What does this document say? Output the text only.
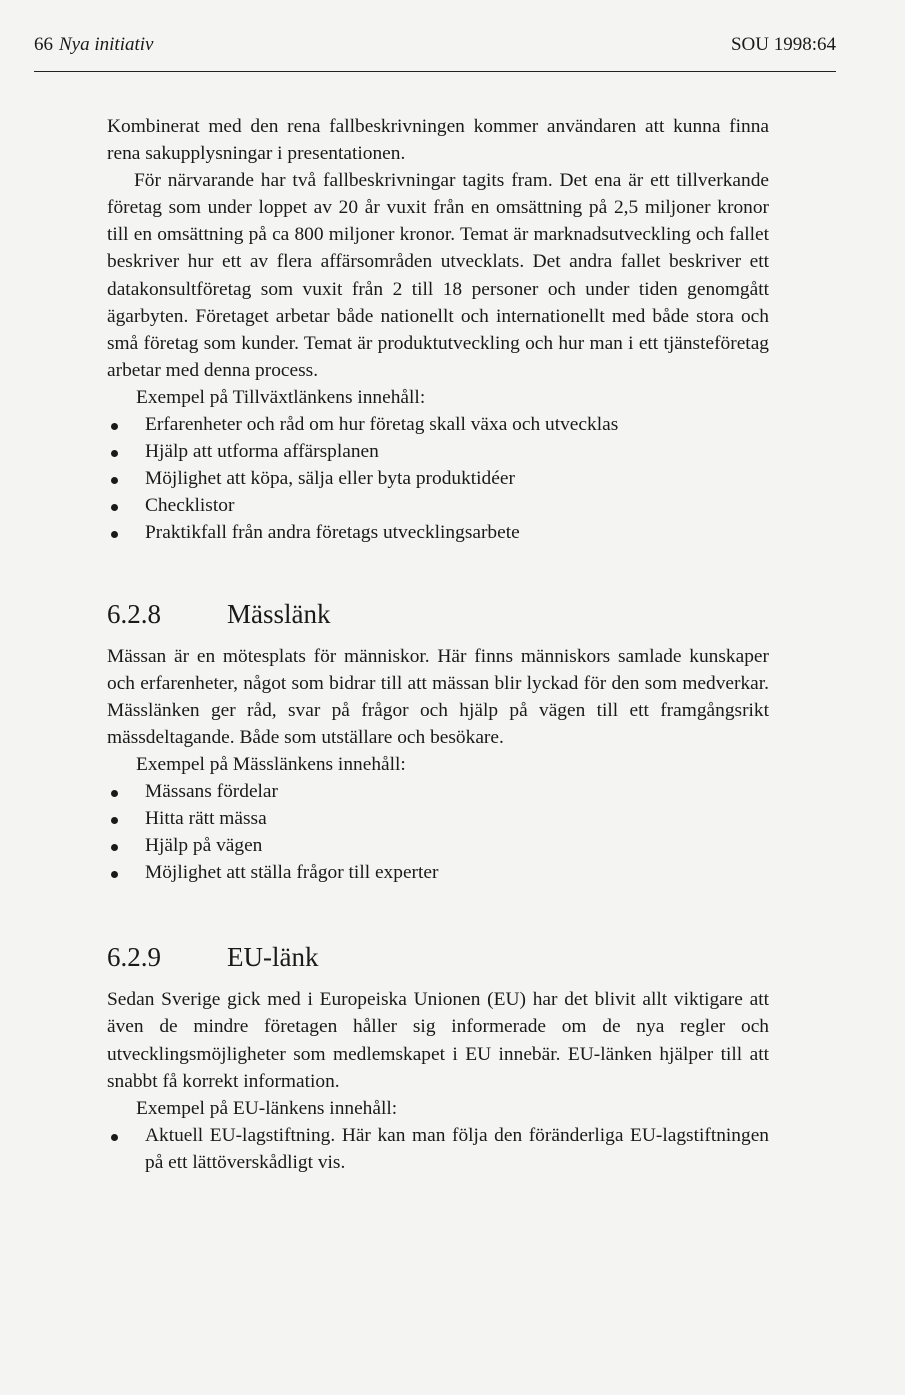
66 Nya initiativ	SOU 1998:64

Kombinerat med den rena fallbeskrivningen kommer användaren att kunna finna rena sakupplysningar i presentationen.

För närvarande har två fallbeskrivningar tagits fram. Det ena är ett tillverkande företag som under loppet av 20 år vuxit från en omsättning på 2,5 miljoner kronor till en omsättning på ca 800 miljoner kronor. Temat är marknadsutveckling och fallet beskriver hur ett av flera affärsområden utvecklats. Det andra fallet beskriver ett datakonsultföretag som vuxit från 2 till 18 personer och under tiden genomgått ägarbyten. Företaget arbetar både nationellt och internationellt med både stora och små företag som kunder. Temat är produktutveckling och hur man i ett tjänsteföretag arbetar med denna process.

Exempel på Tillväxtlänkens innehåll:

Erfarenheter och råd om hur företag skall växa och utvecklas
Hjälp att utforma affärsplanen
Möjlighet att köpa, sälja eller byta produktidéer
Checklistor
Praktikfall från andra företags utvecklingsarbete
6.2.8 Mässlänk

Mässan är en mötesplats för människor. Här finns människors samlade kunskaper och erfarenheter, något som bidrar till att mässan blir lyckad för den som medverkar. Mässlänken ger råd, svar på frågor och hjälp på vägen till ett framgångsrikt mässdeltagande. Både som utställare och besökare.

Exempel på Mässlänkens innehåll:

Mässans fördelar
Hitta rätt mässa
Hjälp på vägen
Möjlighet att ställa frågor till experter
6.2.9 EU-länk

Sedan Sverige gick med i Europeiska Unionen (EU) har det blivit allt viktigare att även de mindre företagen håller sig informerade om de nya regler och utvecklingsmöjligheter som medlemskapet i EU innebär. EU-länken hjälper till att snabbt få korrekt information.

Exempel på EU-länkens innehåll:

Aktuell EU-lagstiftning. Här kan man följa den föränderliga EU-lagstiftningen på ett lättöverskådligt vis.
